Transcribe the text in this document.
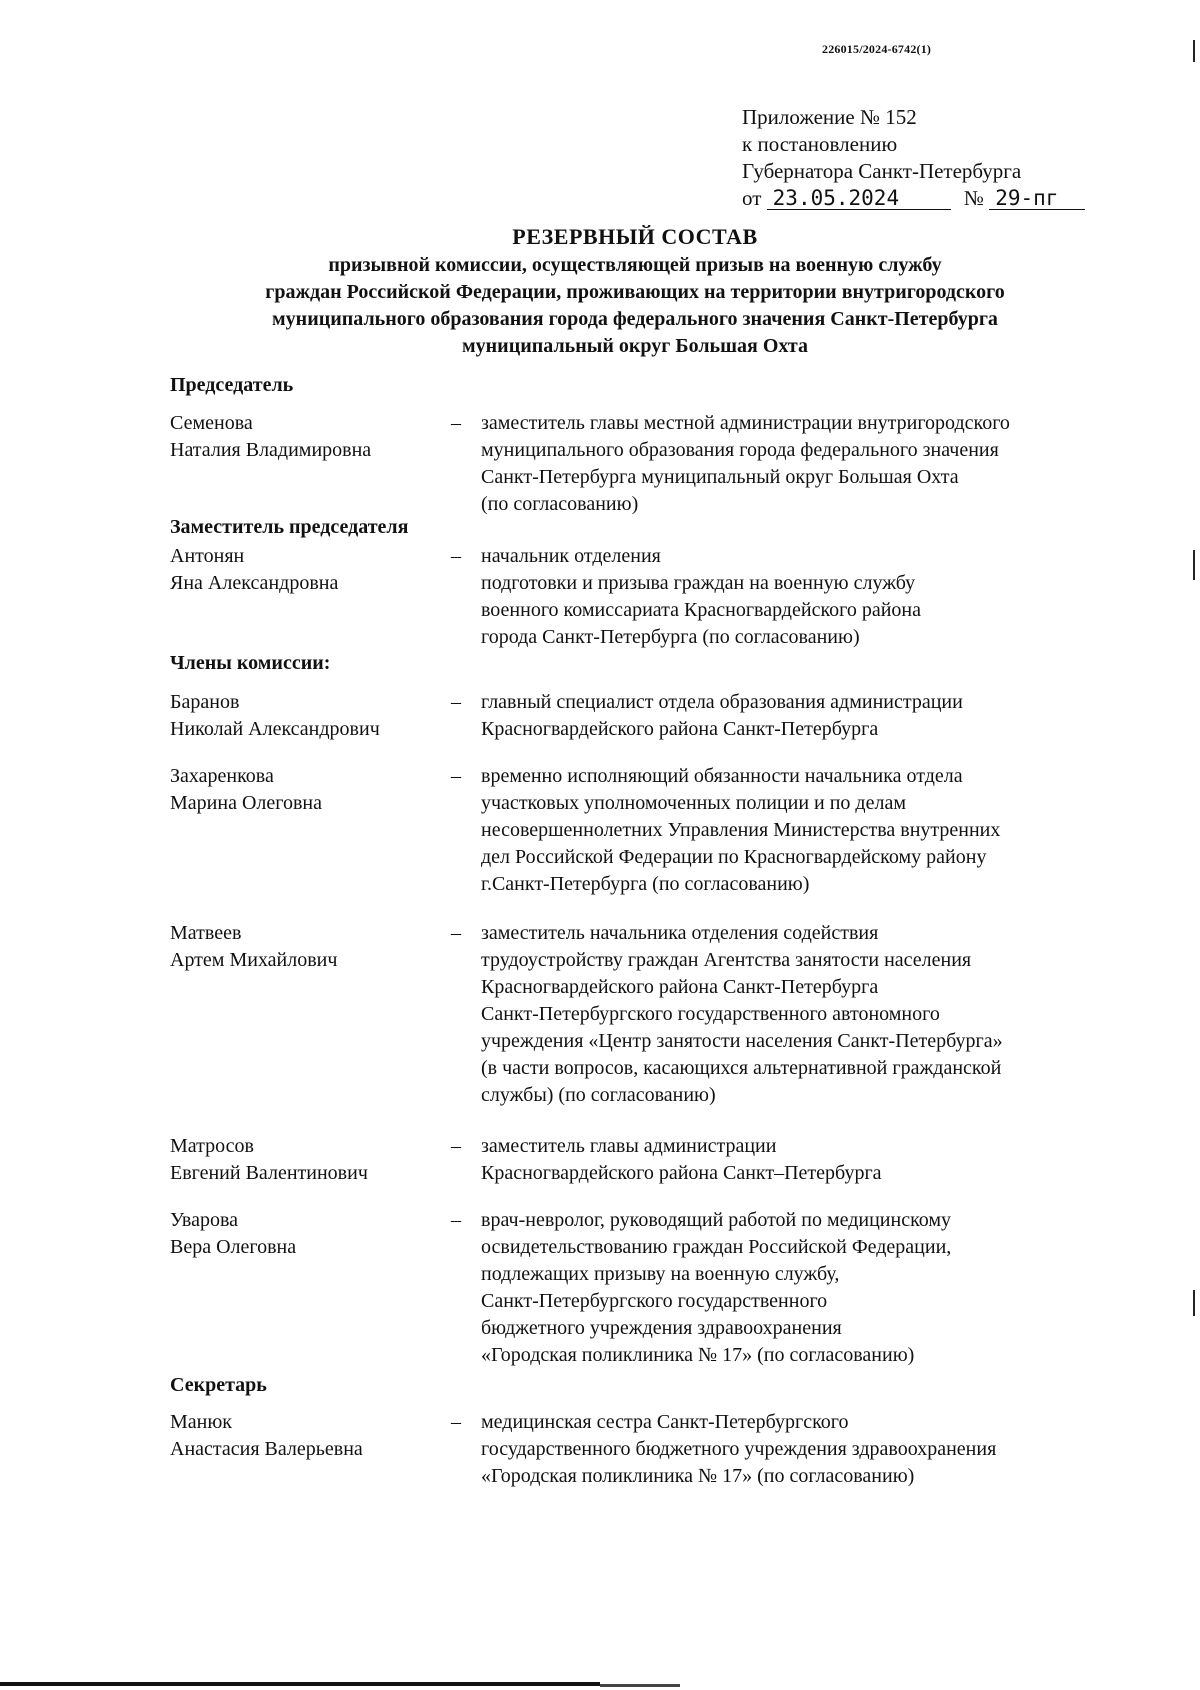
226015/2024-6742(1)
Приложение № 152
к постановлению
Губернатора Санкт-Петербурга
от 23.05.2024	№ 29-пг
РЕЗЕРВНЫЙ СОСТАВ
призывной комиссии, осуществляющей призыв на военную службу
граждан Российской Федерации, проживающих на территории внутригородского
муниципального образования города федерального значения Санкт-Петербурга
муниципальный округ Большая Охта
Председатель
Семенова
Наталия Владимировна
– заместитель главы местной администрации внутригородского
муниципального образования города федерального значения
Санкт-Петербурга муниципальный округ Большая Охта
(по согласованию)
Заместитель председателя
Антонян
Яна Александровна
– начальник отделения
подготовки и призыва граждан на военную службу
военного комиссариата Красногвардейского района
города Санкт-Петербурга (по согласованию)
Члены комиссии:
Баранов
Николай Александрович
– главный специалист отдела образования администрации
Красногвардейского района Санкт-Петербурга
Захаренкова
Марина Олеговна
– временно исполняющий обязанности начальника отдела
участковых уполномоченных полиции и по делам
несовершеннолетних Управления Министерства внутренних
дел Российской Федерации по Красногвардейскому району
г.Санкт-Петербурга (по согласованию)
Матвеев
Артем Михайлович
– заместитель начальника отделения содействия
трудоустройству граждан Агентства занятости населения
Красногвардейского района Санкт-Петербурга
Санкт-Петербургского государственного автономного
учреждения «Центр занятости населения Санкт-Петербурга»
(в части вопросов, касающихся альтернативной гражданской
службы) (по согласованию)
Матросов
Евгений Валентинович
– заместитель главы администрации
Красногвардейского района Санкт–Петербурга
Уварова
Вера Олеговна
– врач-невролог, руководящий работой по медицинскому
освидетельствованию граждан Российской Федерации,
подлежащих призыву на военную службу,
Санкт-Петербургского государственного
бюджетного учреждения здравоохранения
«Городская поликлиника № 17» (по согласованию)
Секретарь
Манюк
Анастасия Валерьевна
– медицинская сестра Санкт-Петербургского
государственного бюджетного учреждения здравоохранения
«Городская поликлиника № 17» (по согласованию)
